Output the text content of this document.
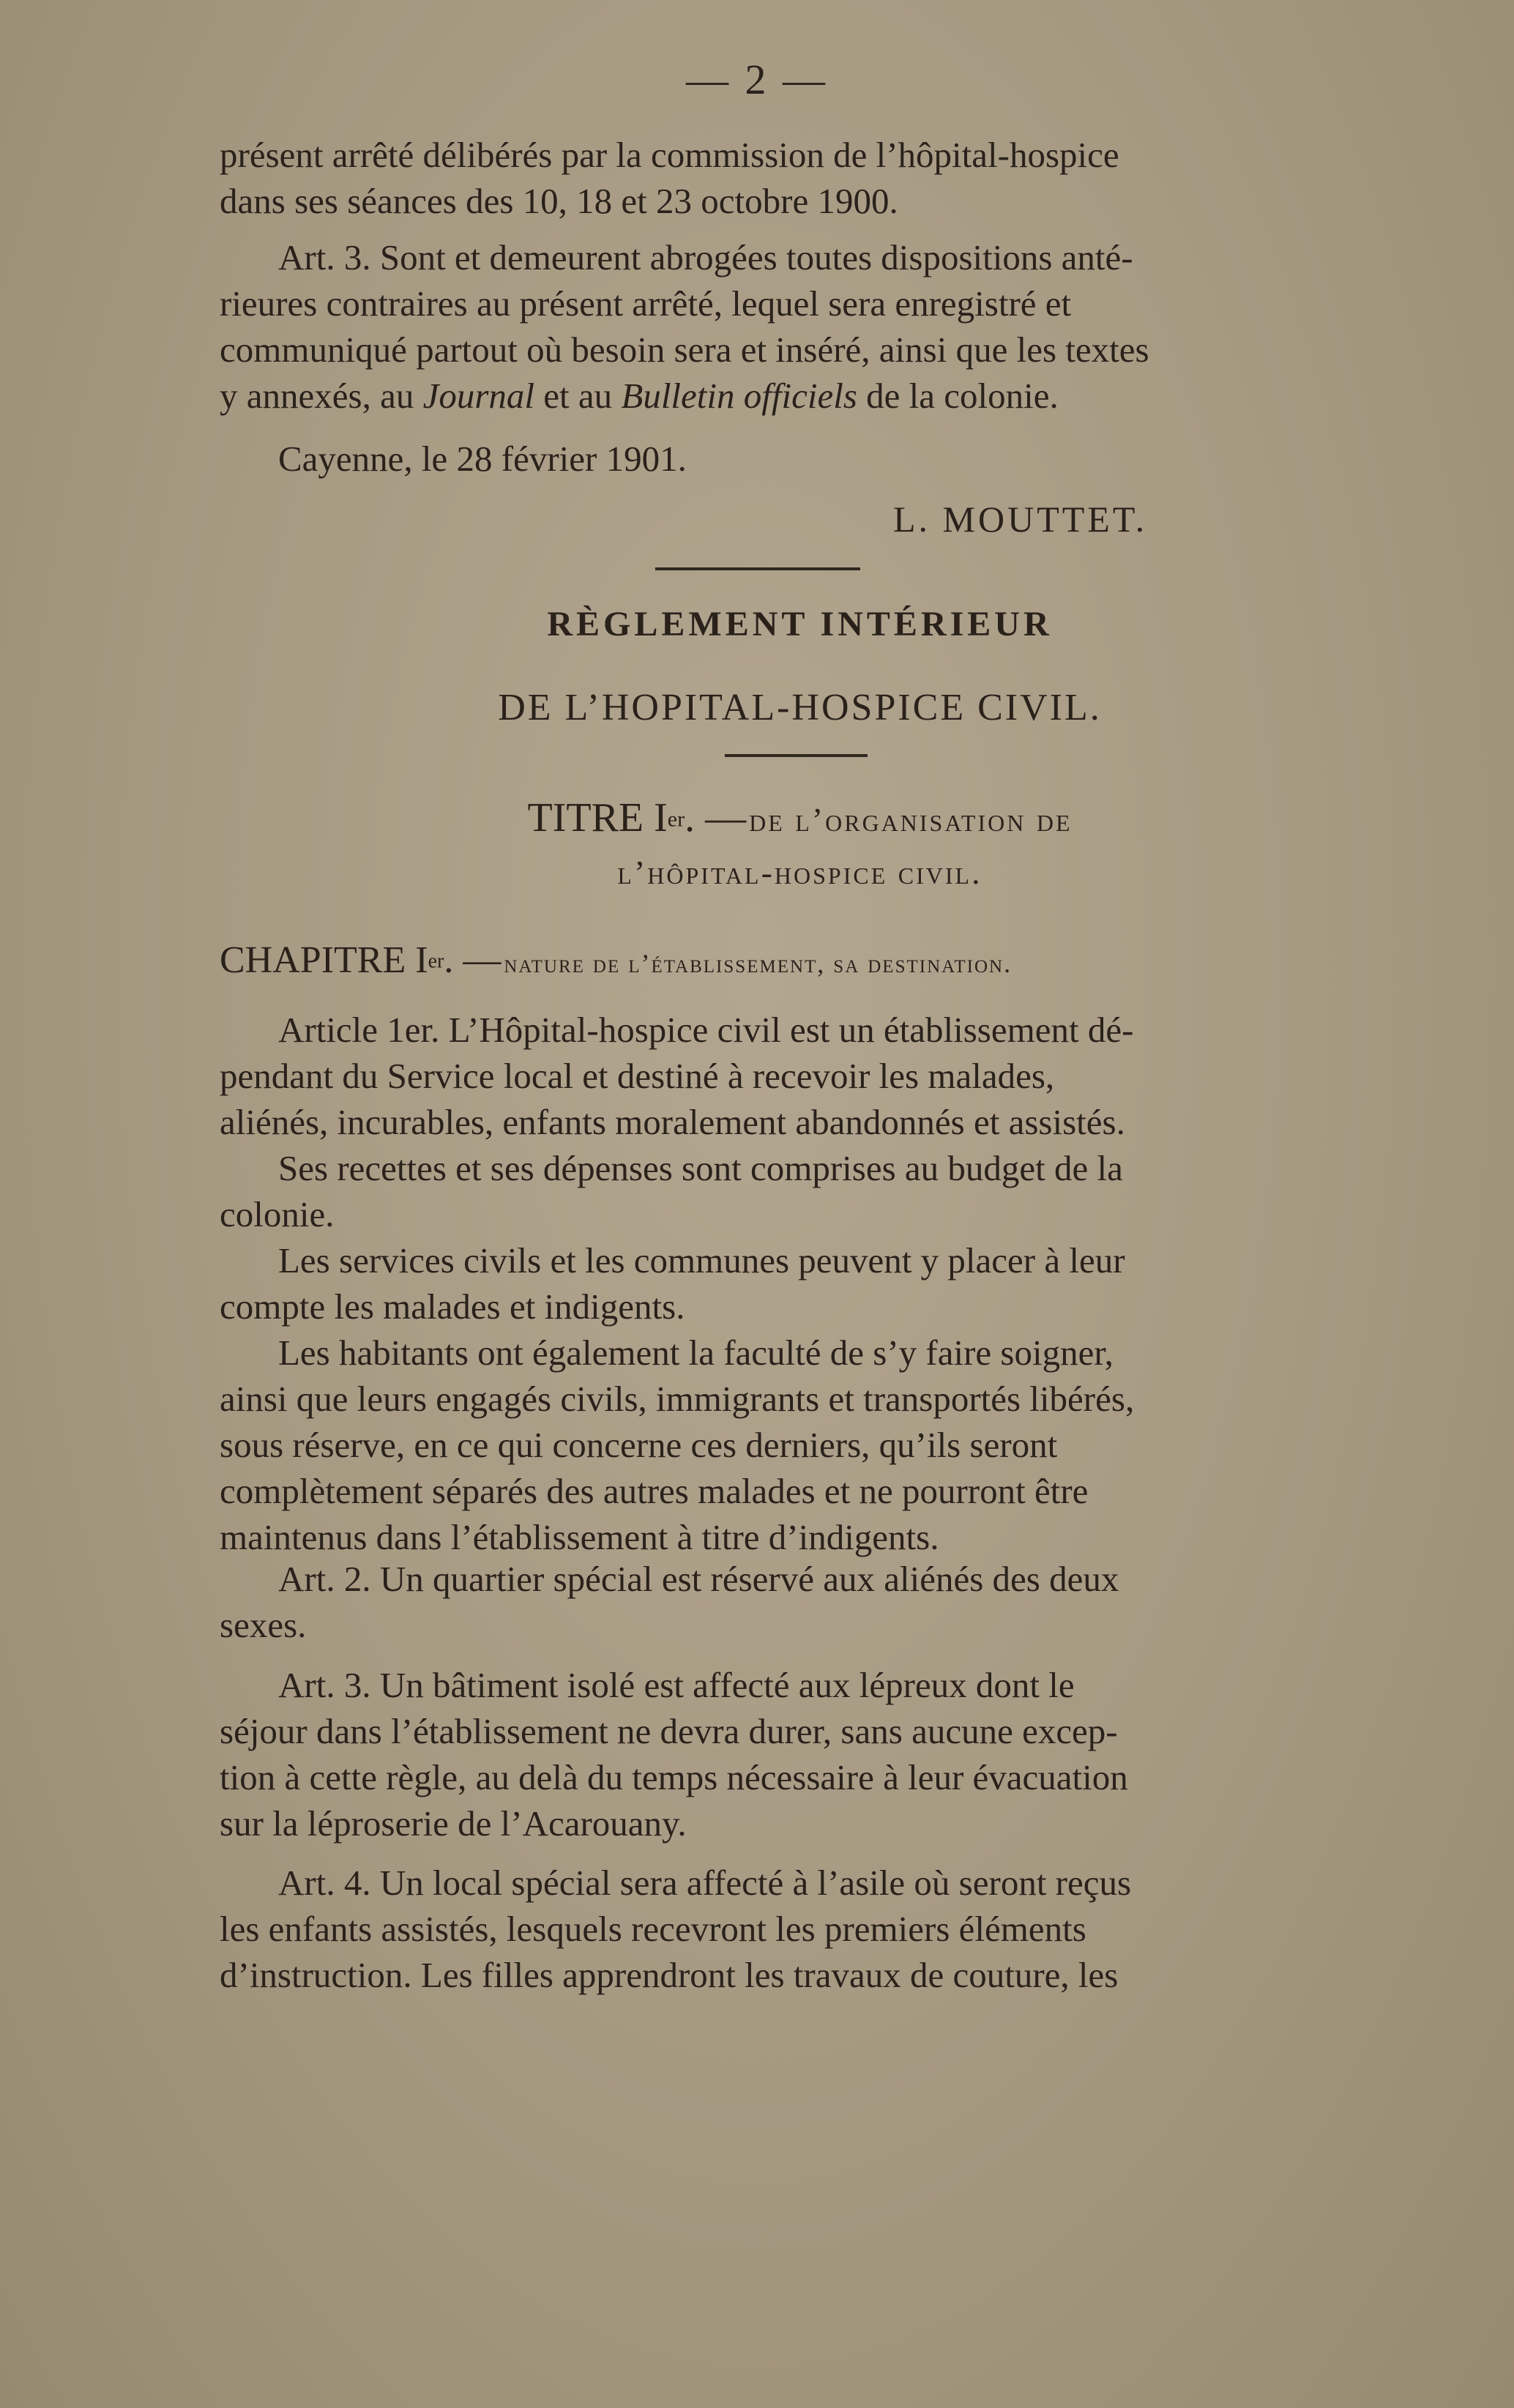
— 2 —

présent arrêté délibérés par la commission de l’hôpital-hospice

dans ses séances des 10, 18 et 23 octobre 1900.

Art. 3. Sont et demeurent abrogées toutes dispositions anté-

rieures contraires au présent arrêté, lequel sera enregistré et

communiqué partout où besoin sera et inséré, ainsi que les textes

y annexés, au Journal et au Bulletin officiels de la colonie.

Cayenne, le 28 février 1901.

L. MOUTTET.
RÈGLEMENT INTÉRIEUR
DE L’HOPITAL-HOSPICE CIVIL.
TITRE Ier. — de l’organisation de
l’hôpital-hospice civil.
CHAPITRE Ier. — nature de l’établissement, sa destination.

Article 1er. L’Hôpital-hospice civil est un établissement dé-

pendant du Service local et destiné à recevoir les malades,

aliénés, incurables, enfants moralement abandonnés et assistés.

Ses recettes et ses dépenses sont comprises au budget de la

colonie.

Les services civils et les communes peuvent y placer à leur

compte les malades et indigents.

Les habitants ont également la faculté de s’y faire soigner,

ainsi que leurs engagés civils, immigrants et transportés libérés,

sous réserve, en ce qui concerne ces derniers, qu’ils seront

complètement séparés des autres malades et ne pourront être

maintenus dans l’établissement à titre d’indigents.

Art. 2. Un quartier spécial est réservé aux aliénés des deux

sexes.

Art. 3. Un bâtiment isolé est affecté aux lépreux dont le

séjour dans l’établissement ne devra durer, sans aucune excep-

tion à cette règle, au delà du temps nécessaire à leur évacuation

sur la léproserie de l’Acarouany.

Art. 4. Un local spécial sera affecté à l’asile où seront reçus

les enfants assistés, lesquels recevront les premiers éléments

d’instruction. Les filles apprendront les travaux de couture, les
